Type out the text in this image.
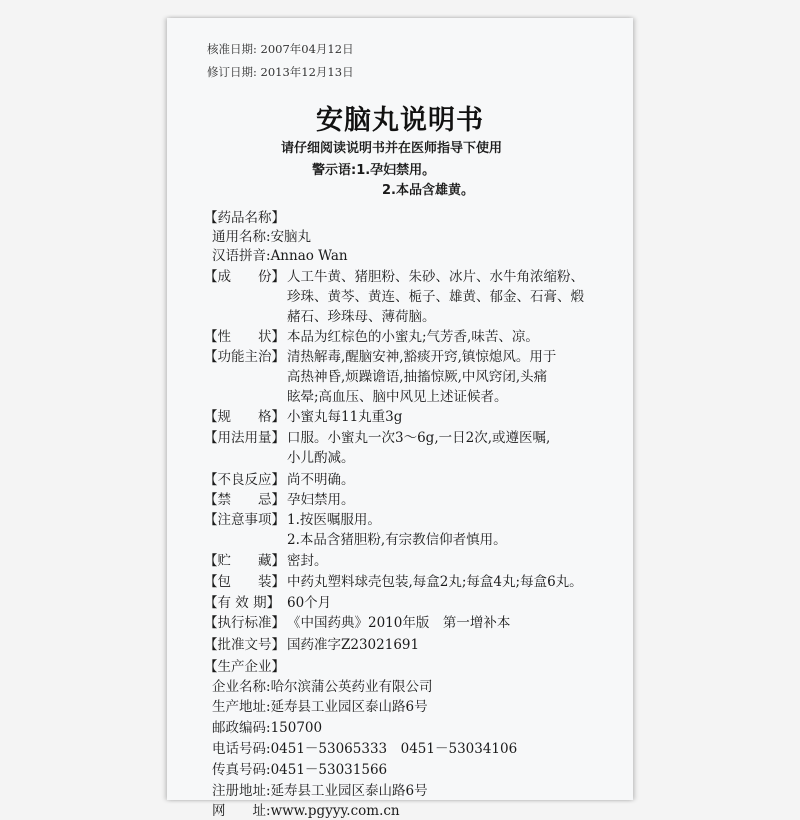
核准日期: 2007年04月12日
修订日期: 2013年12月13日
安脑丸说明书
请仔细阅读说明书并在医师指导下使用
警示语:1.孕妇禁用。
2.本品含雄黄。
【药品名称】
通用名称:安脑丸
汉语拼音:Annao Wan
【成　　份】 人工牛黄、猪胆粉、朱砂、冰片、水牛角浓缩粉、
珍珠、黄芩、黄连、栀子、雄黄、郁金、石膏、煅
赭石、珍珠母、薄荷脑。
【性　　状】 本品为红棕色的小蜜丸;气芳香,味苦、凉。
【功能主治】 清热解毒,醒脑安神,豁痰开窍,镇惊熄风。用于
高热神昏,烦躁谵语,抽搐惊厥,中风窍闭,头痛
眩晕;高血压、脑中风见上述证候者。
【规　　格】 小蜜丸每11丸重3g
【用法用量】 口服。小蜜丸一次3～6g,一日2次,或遵医嘱,
小儿酌减。
【不良反应】 尚不明确。
【禁　　忌】 孕妇禁用。
【注意事项】 1.按医嘱服用。
2.本品含猪胆粉,有宗教信仰者慎用。
【贮　　藏】 密封。
【包　　装】 中药丸塑料球壳包装,每盒2丸;每盒4丸;每盒6丸。
【有 效 期】 60个月
【执行标准】 《中国药典》2010年版　第一增补本
【批准文号】 国药准字Z23021691
【生产企业】
企业名称:哈尔滨蒲公英药业有限公司
生产地址:延寿县工业园区泰山路6号
邮政编码:150700
电话号码:0451－53065333　0451－53034106
传真号码:0451－53031566
注册地址:延寿县工业园区泰山路6号
网　　址:www.pgyyy.com.cn
